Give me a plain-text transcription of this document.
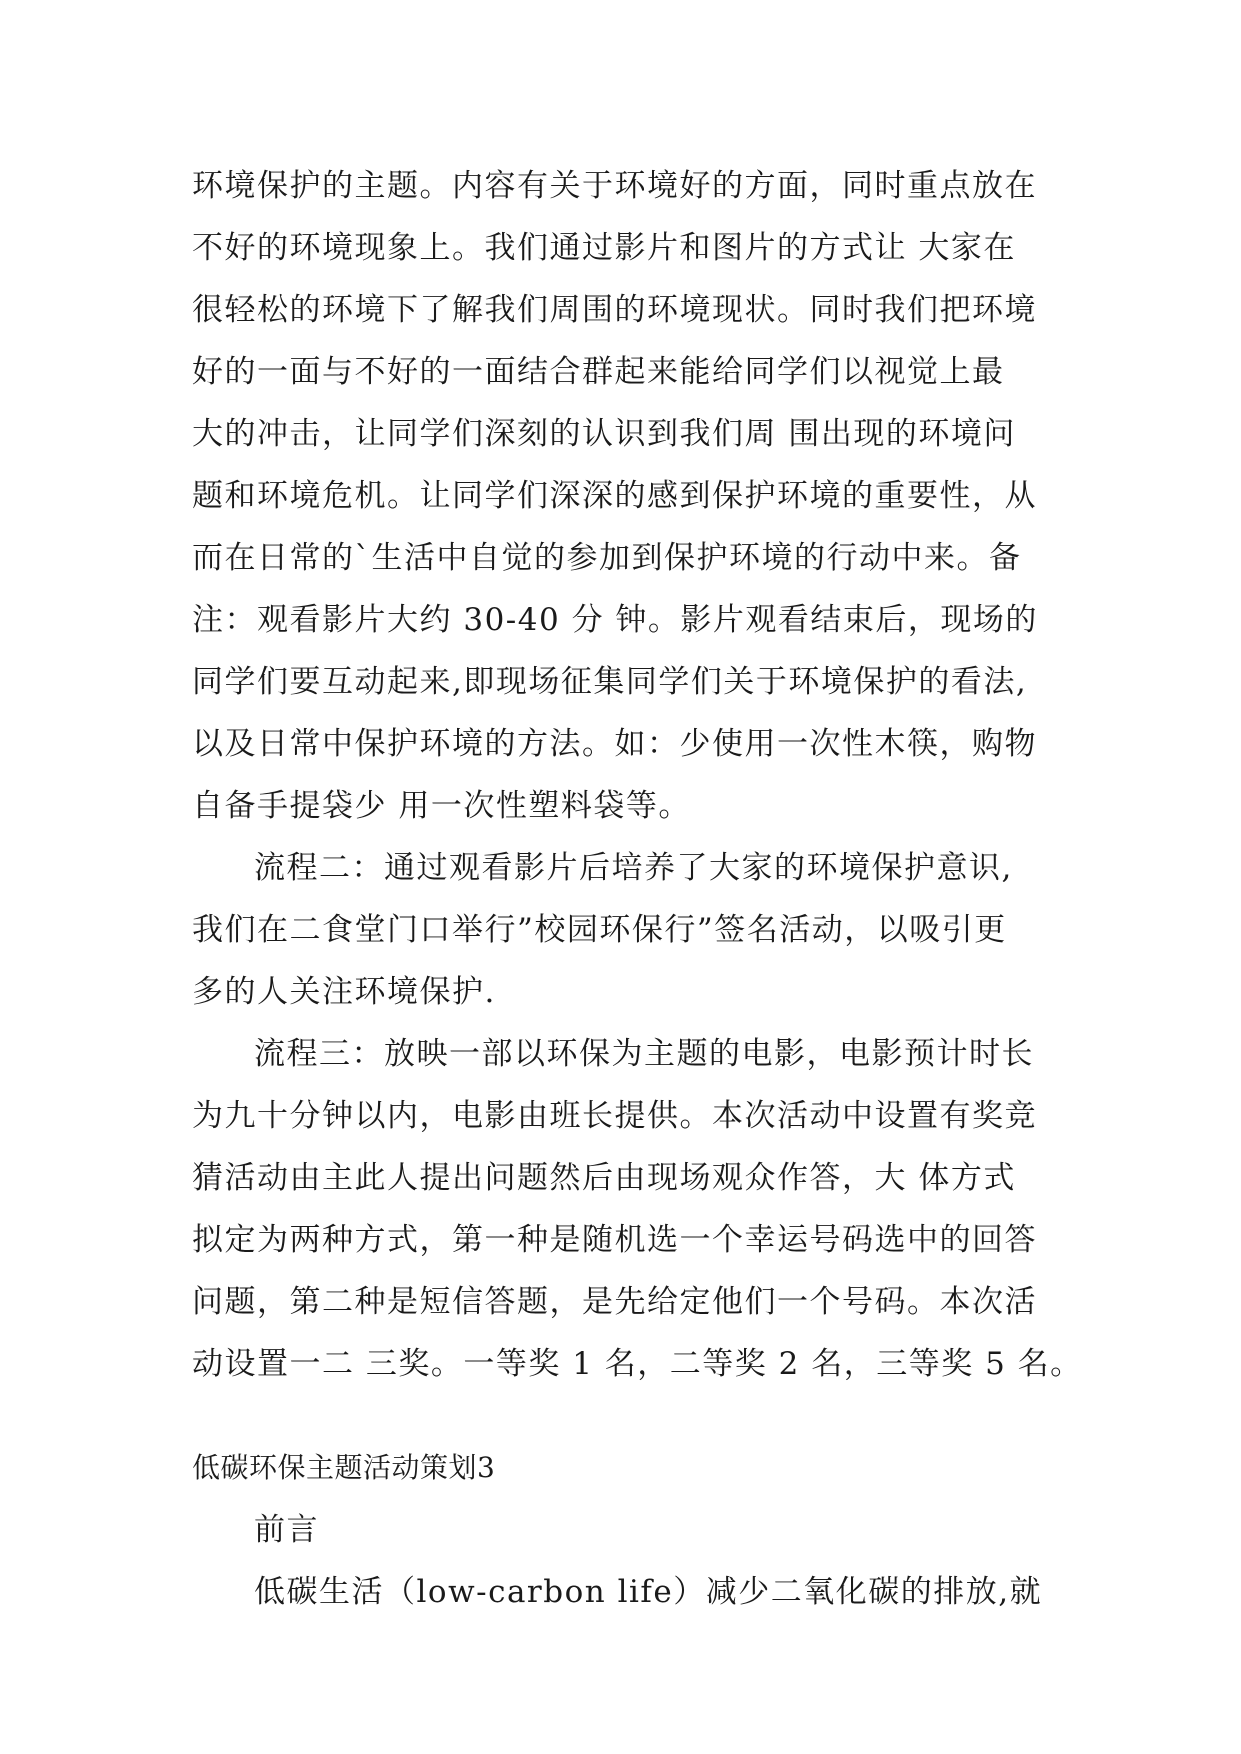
环境保护的主题。内容有关于环境好的方面，同时重点放在
不好的环境现象上。我们通过影片和图片的方式让 大家在
很轻松的环境下了解我们周围的环境现状。同时我们把环境
好的一面与不好的一面结合群起来能给同学们以视觉上最
大的冲击，让同学们深刻的认识到我们周 围出现的环境问
题和环境危机。让同学们深深的感到保护环境的重要性，从
而在日常的`生活中自觉的参加到保护环境的行动中来。备
注：观看影片大约 30-40 分 钟。影片观看结束后，现场的
同学们要互动起来,即现场征集同学们关于环境保护的看法,
以及日常中保护环境的方法。如：少使用一次性木筷，购物
自备手提袋少 用一次性塑料袋等。
流程二：通过观看影片后培养了大家的环境保护意识,
我们在二食堂门口举行”校园环保行”签名活动，以吸引更
多的人关注环境保护.
流程三：放映一部以环保为主题的电影，电影预计时长
为九十分钟以内，电影由班长提供。本次活动中设置有奖竞
猜活动由主此人提出问题然后由现场观众作答，大 体方式
拟定为两种方式，第一种是随机选一个幸运号码选中的回答
问题，第二种是短信答题，是先给定他们一个号码。本次活
动设置一二 三奖。一等奖 1 名，二等奖 2 名，三等奖 5 名。
低碳环保主题活动策划3
前言
低碳生活（low-carbon life）减少二氧化碳的排放,就
